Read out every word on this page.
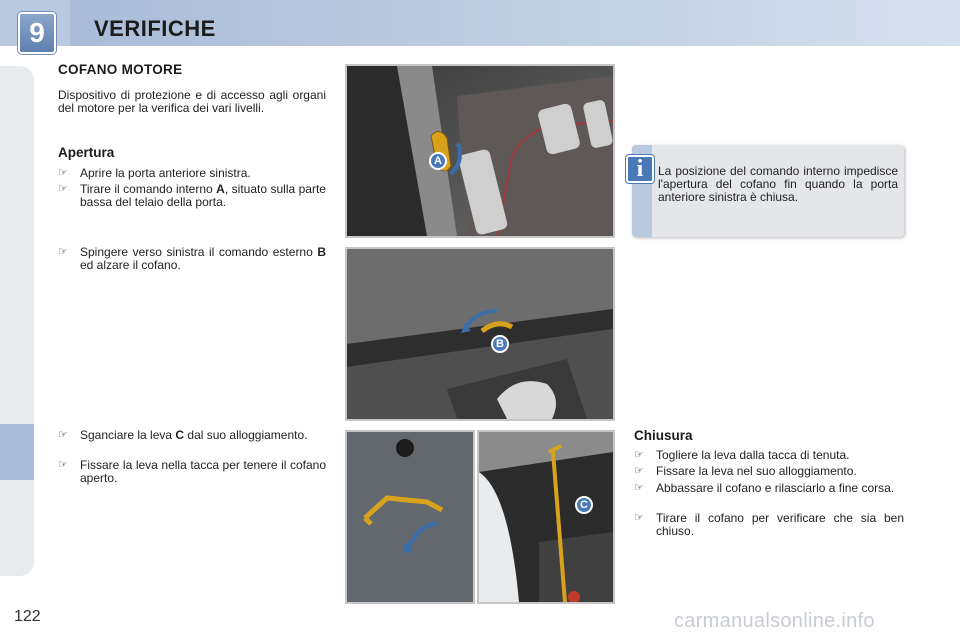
9	VERIFICHE
COFANO MOTORE
Dispositivo di protezione e di accesso agli organi del motore per la verifica dei vari livelli.
Apertura
☞	Aprire la porta anteriore sinistra.
☞	Tirare il comando interno A, situato sulla parte bassa del telaio della porta.
☞	Spingere verso sinistra il comando esterno B ed alzare il cofano.
☞	Sganciare la leva C dal suo alloggiamento.
☞	Fissare la leva nella tacca per tenere il cofano aperto.
A
B
C
i	La posizione del comando interno impedisce l'apertura del cofano fin quando la porta anteriore sinistra è chiusa.
Chiusura
☞	Togliere la leva dalla tacca di tenuta.
☞	Fissare la leva nel suo alloggiamento.
☞	Abbassare il cofano e rilasciarlo a fine corsa.
☞	Tirare il cofano per verificare che sia ben chiuso.
122	carmanualsonline.info
